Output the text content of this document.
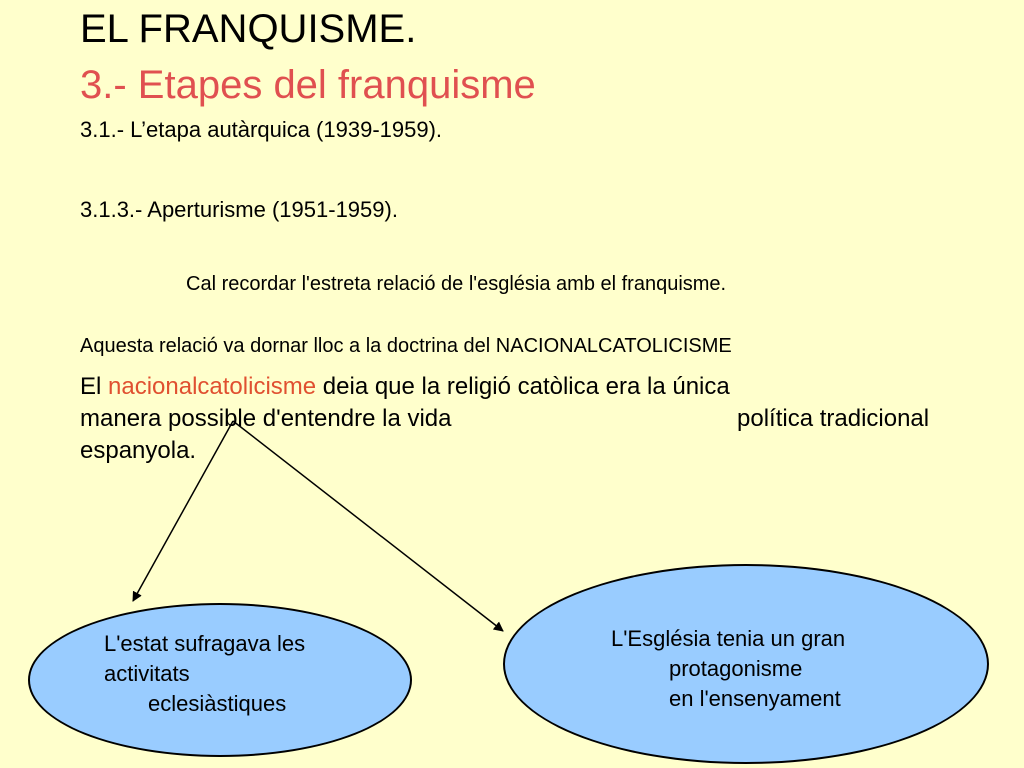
EL FRANQUISME.
3.- Etapes del franquisme
3.1.- L’etapa autàrquica (1939-1959).
3.1.3.- Aperturisme (1951-1959).
Cal recordar l'estreta relació de l'església amb el franquisme.
Aquesta relació va dornar lloc a la doctrina del NACIONALCATOLICISME
El nacionalcatolicisme deia que la religió catòlica era la única
manera possible d'entendre la vida	política tradicional
espanyola.
L'estat sufragava les
activitats
eclesiàstiques
L'Església tenia un gran
protagonisme
en l'ensenyament
